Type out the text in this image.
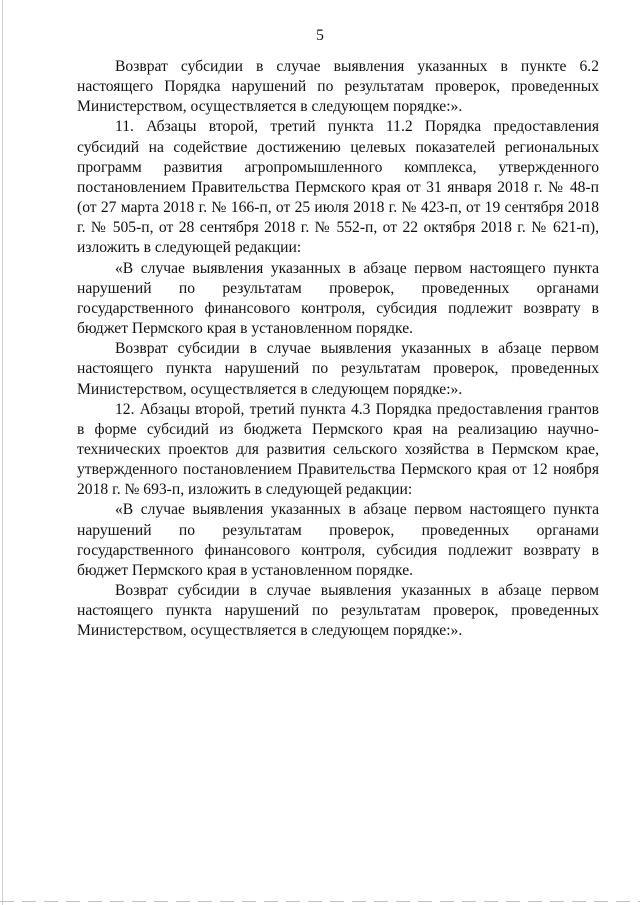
5

Возврат субсидии в случае выявления указанных в пункте 6.2 настоящего Порядка нарушений по результатам проверок, проведенных Министерством, осуществляется в следующем порядке:».

11. Абзацы второй, третий пункта 11.2 Порядка предоставления субсидий на содействие достижению целевых показателей региональных программ развития агропромышленного комплекса, утвержденного постановлением Правительства Пермского края от 31 января 2018 г. № 48-п (от 27 марта 2018 г. № 166-п, от 25 июля 2018 г. № 423-п, от 19 сентября 2018 г. № 505-п, от 28 сентября 2018 г. № 552-п, от 22 октября 2018 г. № 621-п), изложить в следующей редакции:

«В случае выявления указанных в абзаце первом настоящего пункта нарушений по результатам проверок, проведенных органами государственного финансового контроля, субсидия подлежит возврату в бюджет Пермского края в установленном порядке.

Возврат субсидии в случае выявления указанных в абзаце первом настоящего пункта нарушений по результатам проверок, проведенных Министерством, осуществляется в следующем порядке:».

12. Абзацы второй, третий пункта 4.3 Порядка предоставления грантов в форме субсидий из бюджета Пермского края на реализацию научно-технических проектов для развития сельского хозяйства в Пермском крае, утвержденного постановлением Правительства Пермского края от 12 ноября 2018 г. № 693-п, изложить в следующей редакции:

«В случае выявления указанных в абзаце первом настоящего пункта нарушений по результатам проверок, проведенных органами государственного финансового контроля, субсидия подлежит возврату в бюджет Пермского края в установленном порядке.

Возврат субсидии в случае выявления указанных в абзаце первом настоящего пункта нарушений по результатам проверок, проведенных Министерством, осуществляется в следующем порядке:».
